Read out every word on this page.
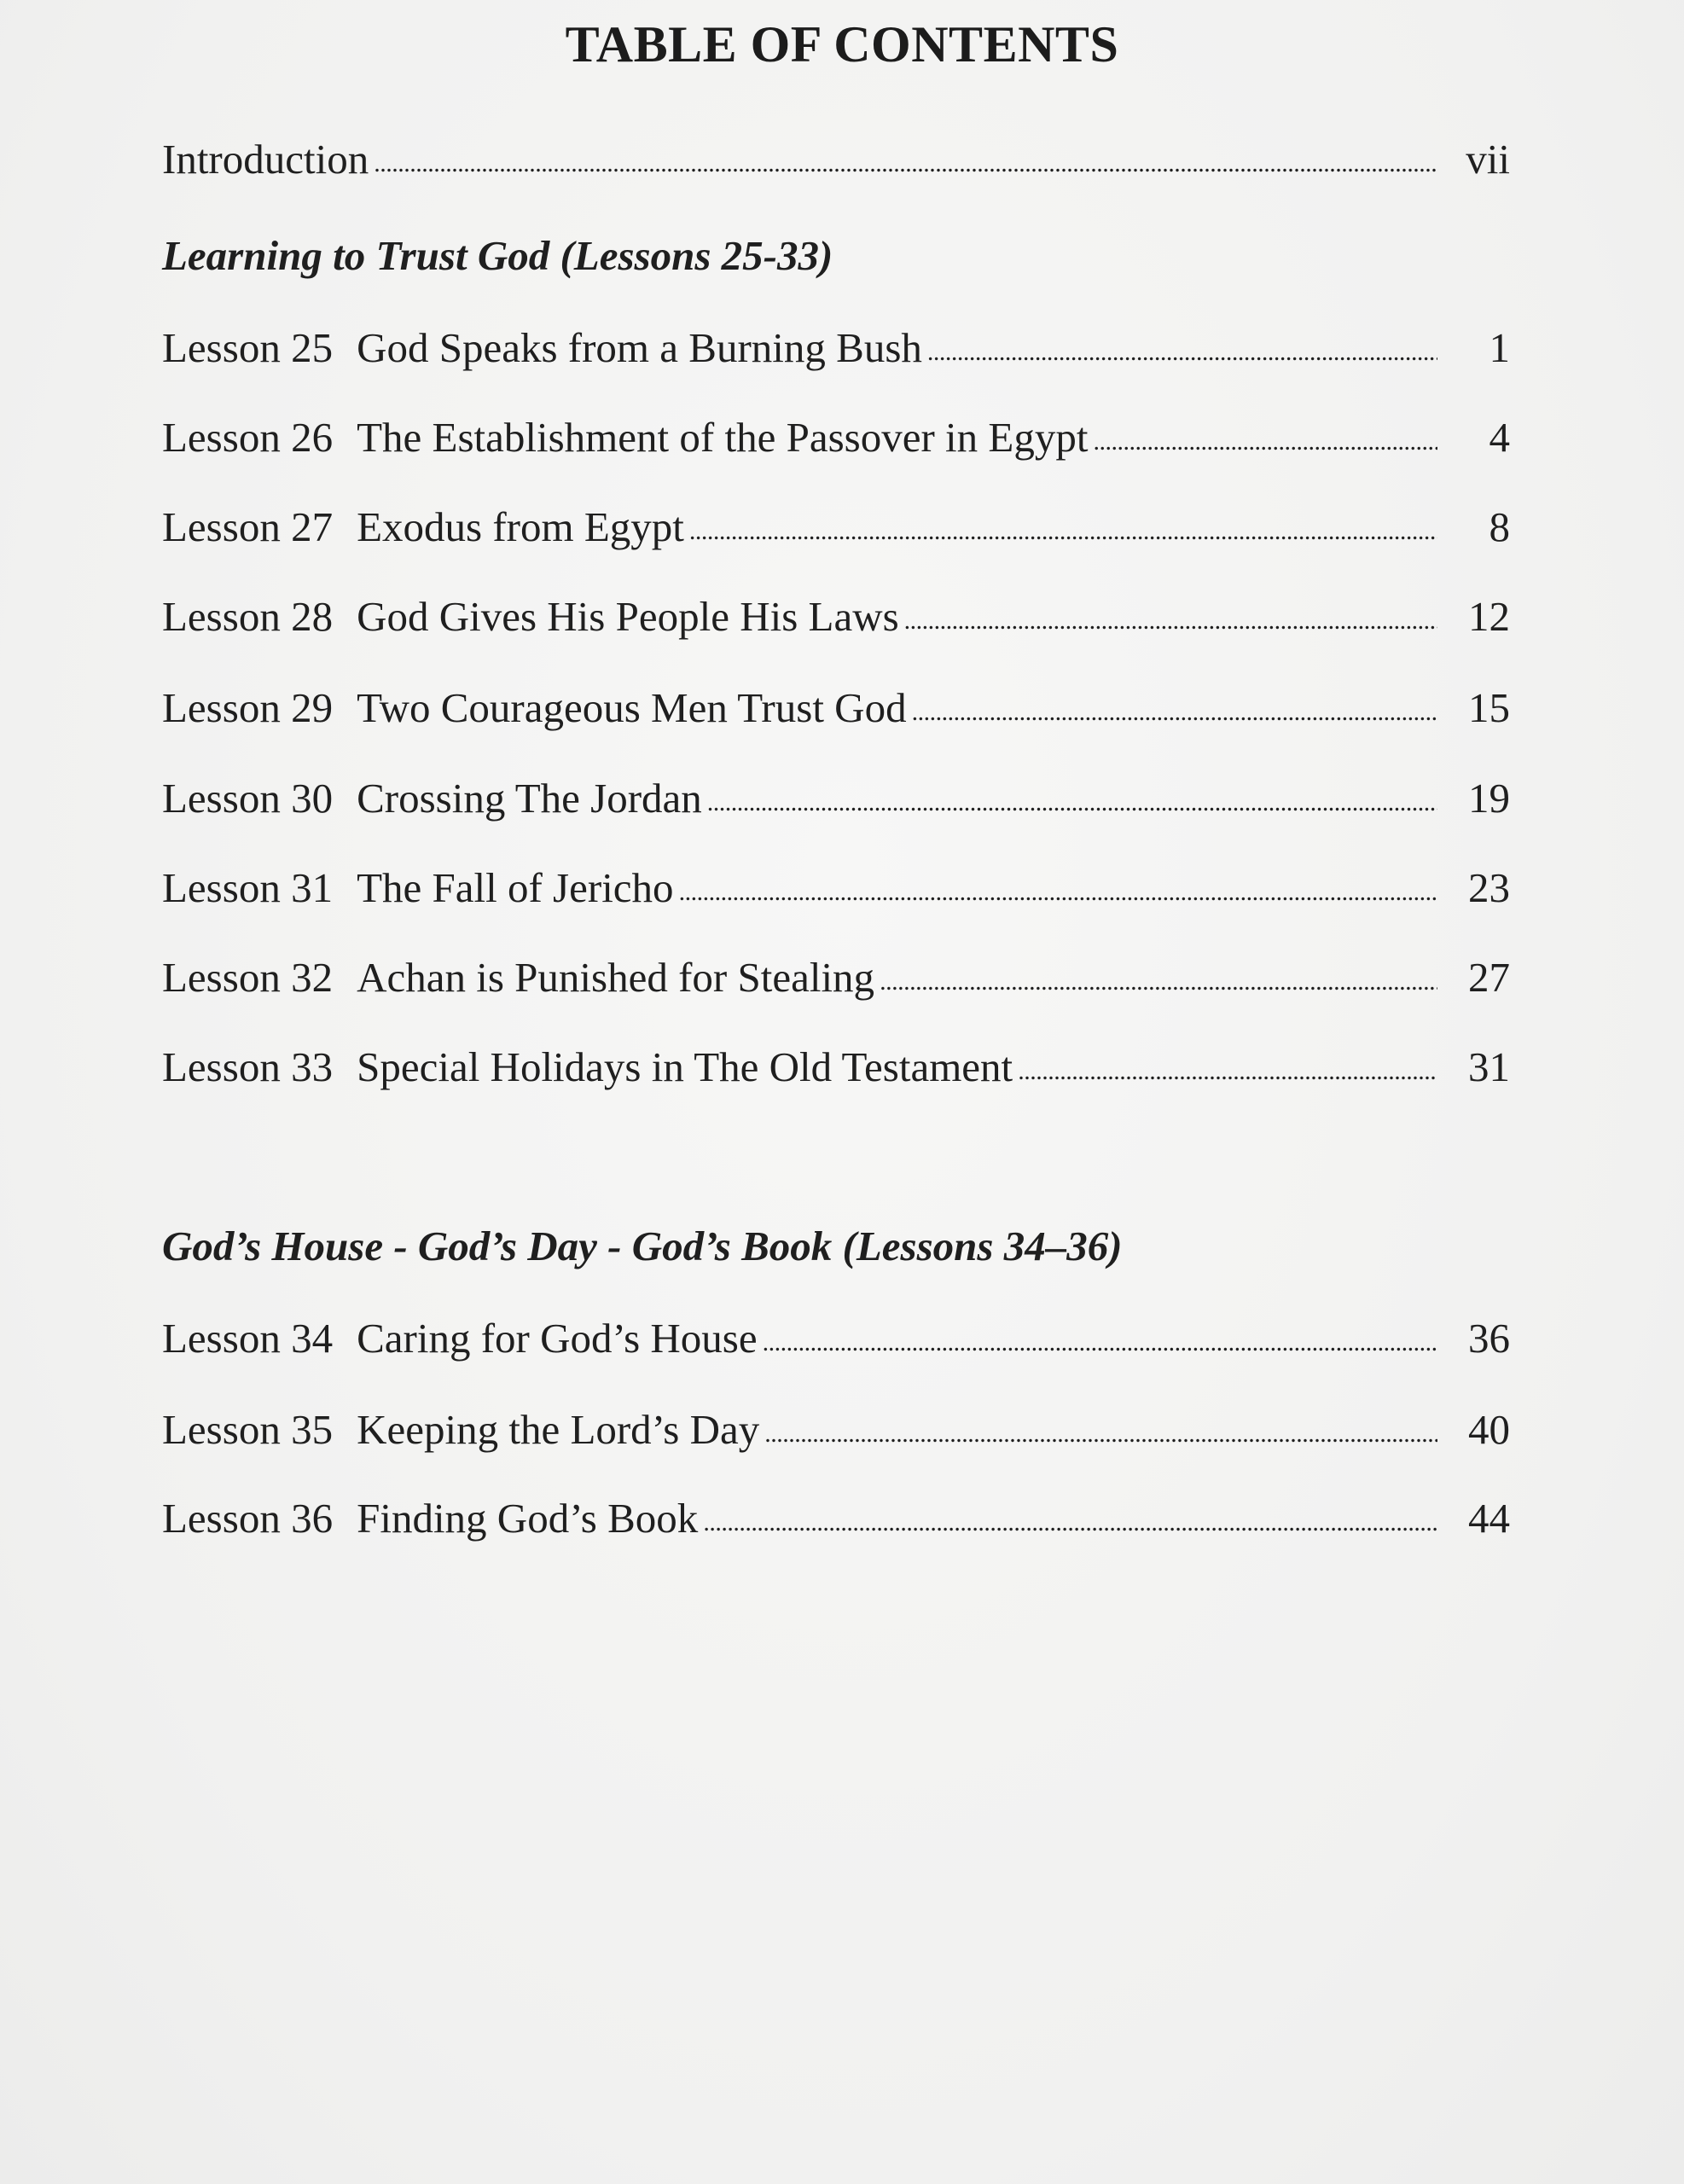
TABLE OF CONTENTS
Introduction . . .	vii
Learning to Trust God (Lessons 25-33)
Lesson 25 God Speaks from a Burning Bush . . .	1
Lesson 26 The Establishment of the Passover in Egypt . . .	4
Lesson 27 Exodus from Egypt . . .	8
Lesson 28 God Gives His People His Laws . . .	12
Lesson 29 Two Courageous Men Trust God . . .	15
Lesson 30 Crossing The Jordan . . .	19
Lesson 31 The Fall of Jericho . . .	23
Lesson 32 Achan is Punished for Stealing . . .	27
Lesson 33 Special Holidays in The Old Testament . . .	31
God’s House - God’s Day - God’s Book (Lessons 34–36)
Lesson 34 Caring for God’s House . . .	36
Lesson 35 Keeping the Lord’s Day . . .	40
Lesson 36 Finding God’s Book . . .	44
